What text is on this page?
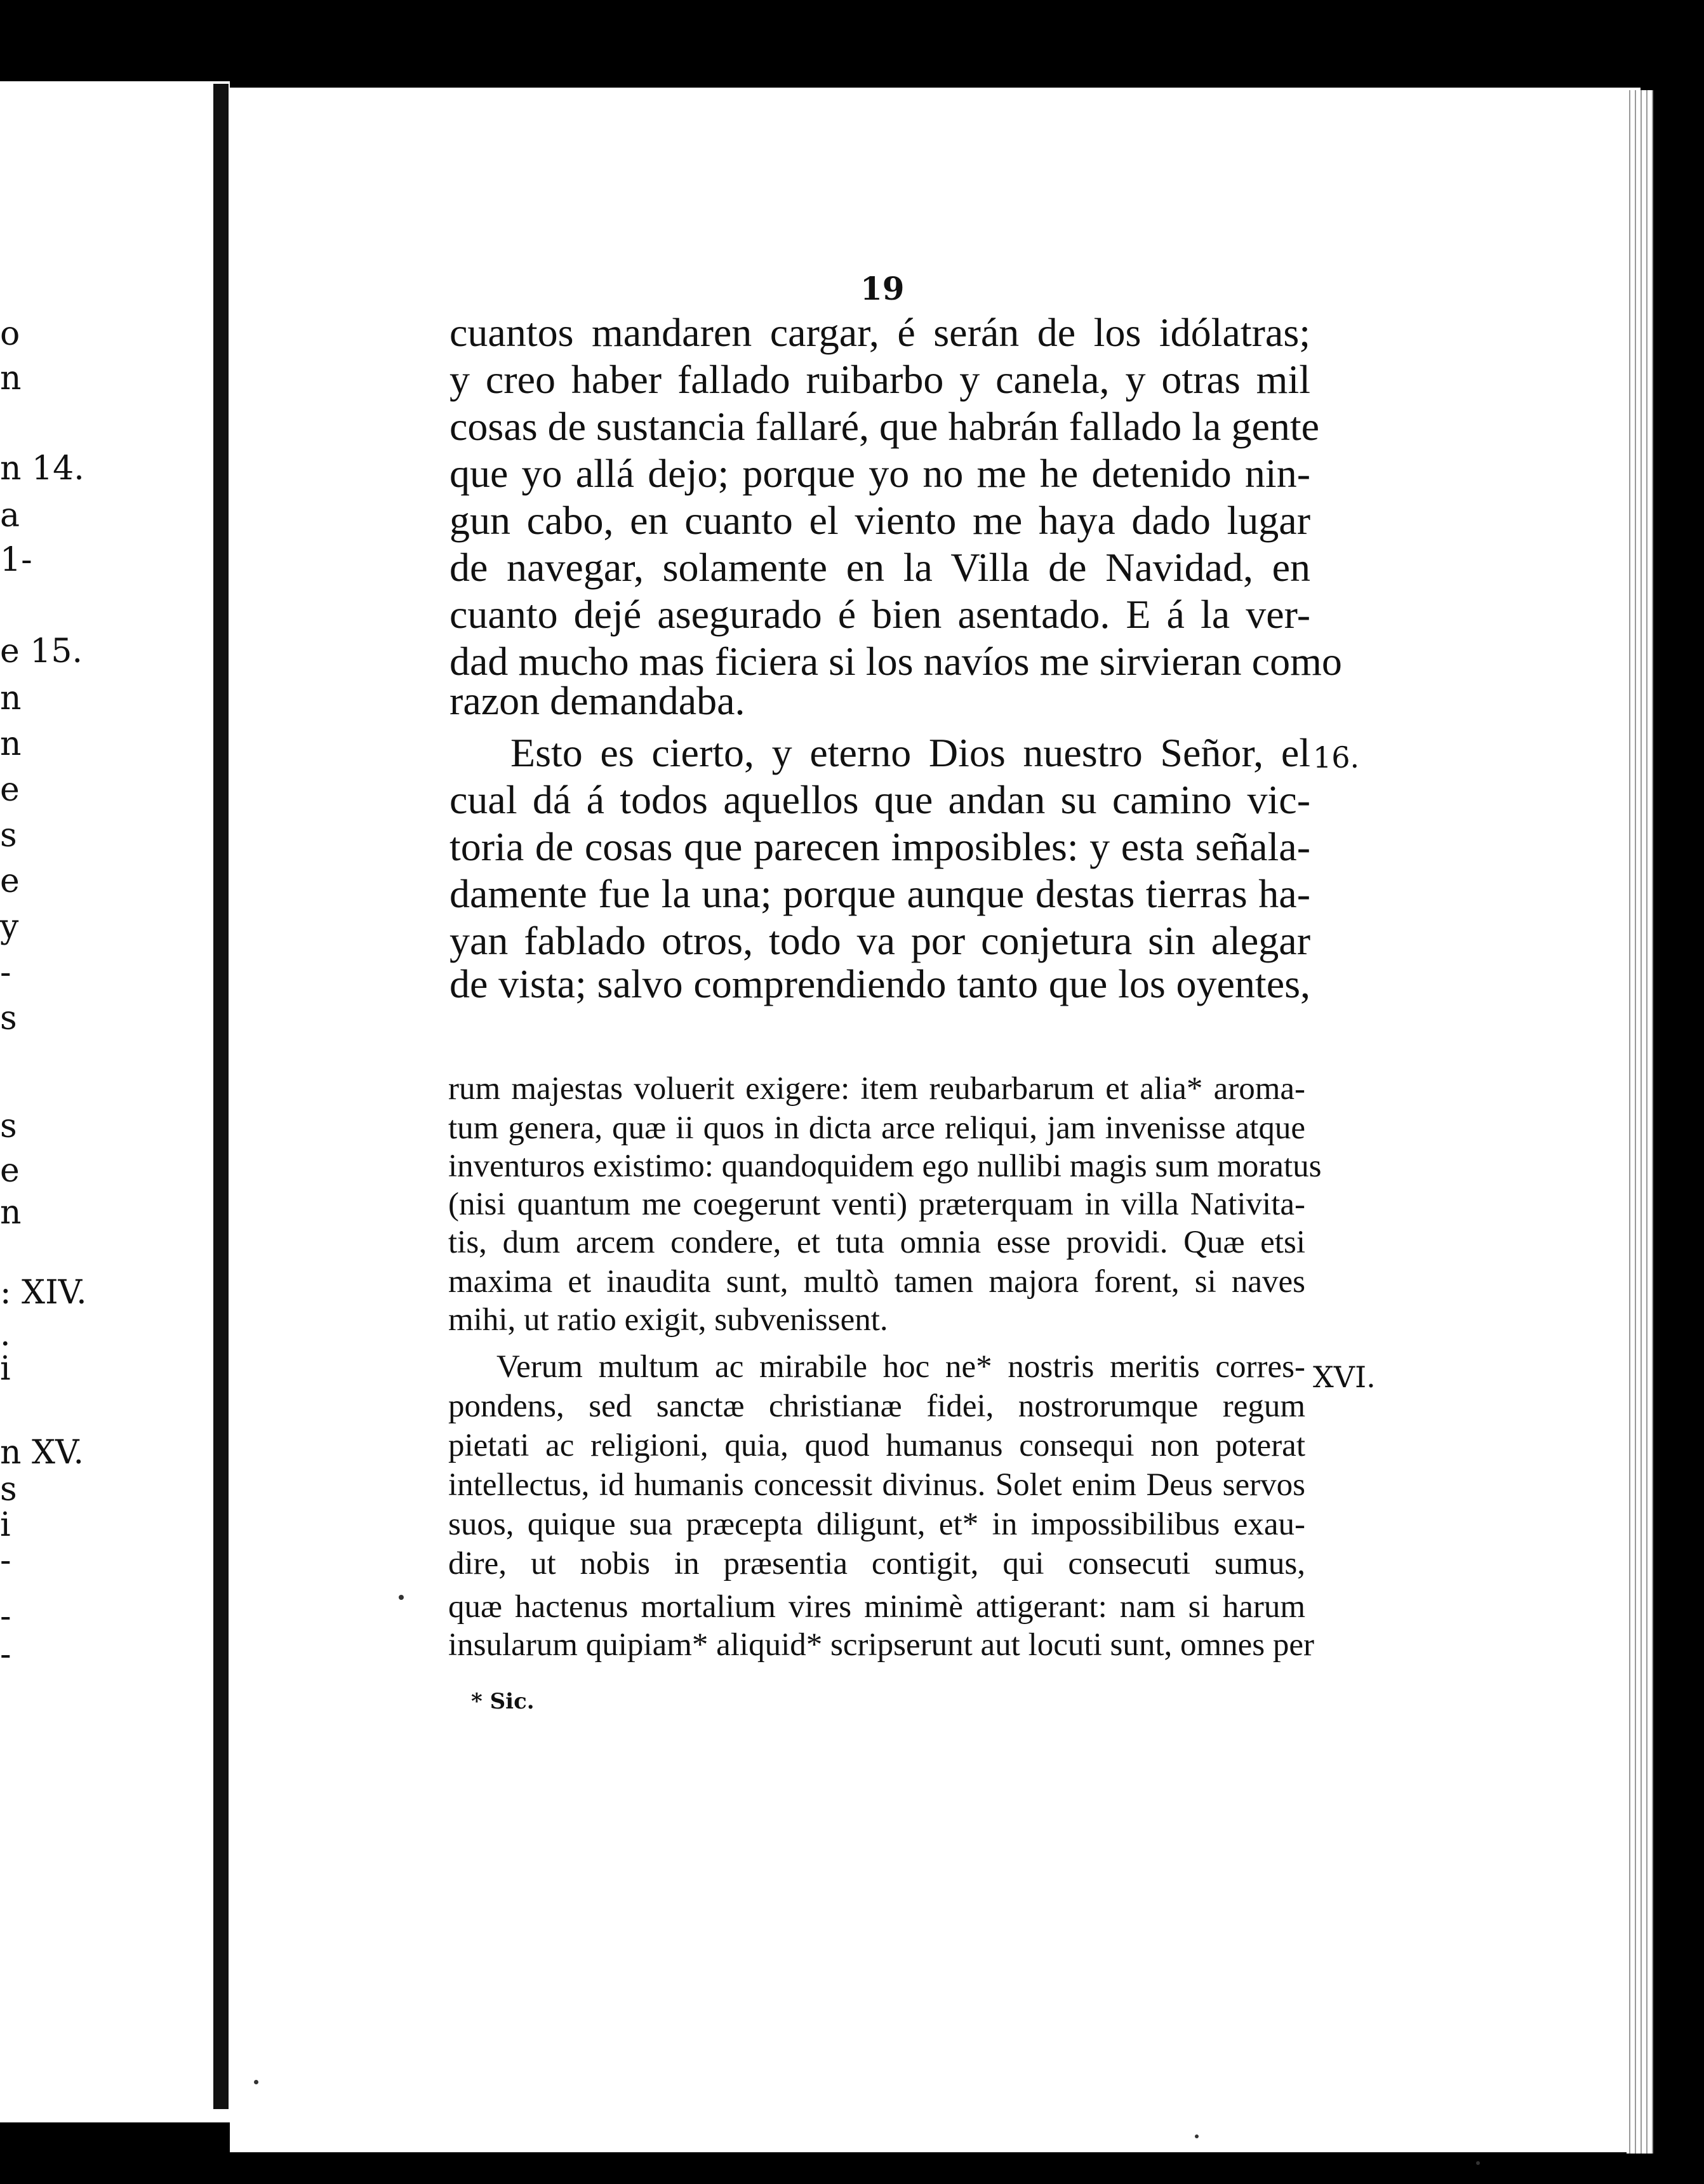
o
n
n 14.
a
1-
e 15.
n
n
e
s
e
y
-
s
s
e
n
: XIV.
.
i
n XV.
s
i
-
-
-
19
cuantos mandaren cargar, é serán de los idólatras;
y creo haber fallado ruibarbo y canela, y otras mil
cosas de sustancia fallaré, que habrán fallado la gente
que yo allá dejo; porque yo no me he detenido nin-
gun cabo, en cuanto el viento me haya dado lugar
de navegar, solamente en la Villa de Navidad, en
cuanto dejé asegurado é bien asentado. E á la ver-
dad mucho mas ficiera si los navíos me sirvieran como
razon demandaba.
Esto es cierto, y eterno Dios nuestro Señor, el
cual dá á todos aquellos que andan su camino vic-
toria de cosas que parecen imposibles: y esta señala-
damente fue la una; porque aunque destas tierras ha-
yan fablado otros, todo va por conjetura sin alegar
de vista; salvo comprendiendo tanto que los oyentes,
16.
rum majestas voluerit exigere: item reubarbarum et alia* aroma-
tum genera, quæ ii quos in dicta arce reliqui, jam invenisse atque
inventuros existimo: quandoquidem ego nullibi magis sum moratus
(nisi quantum me coegerunt venti) præterquam in villa Nativita-
tis, dum arcem condere, et tuta omnia esse providi. Quæ etsi
maxima et inaudita sunt, multò tamen majora forent, si naves
mihi, ut ratio exigit, subvenissent.
Verum multum ac mirabile hoc ne* nostris meritis corres-
pondens, sed sanctæ christianæ fidei, nostrorumque regum
pietati ac religioni, quia, quod humanus consequi non poterat
intellectus, id humanis concessit divinus. Solet enim Deus servos
suos, quique sua præcepta diligunt, et* in impossibilibus exau-
dire, ut nobis in præsentia contigit, qui consecuti sumus,
quæ hactenus mortalium vires minimè attigerant: nam si harum
insularum quipiam* aliquid* scripserunt aut locuti sunt, omnes per
XVI.
* Sic.
